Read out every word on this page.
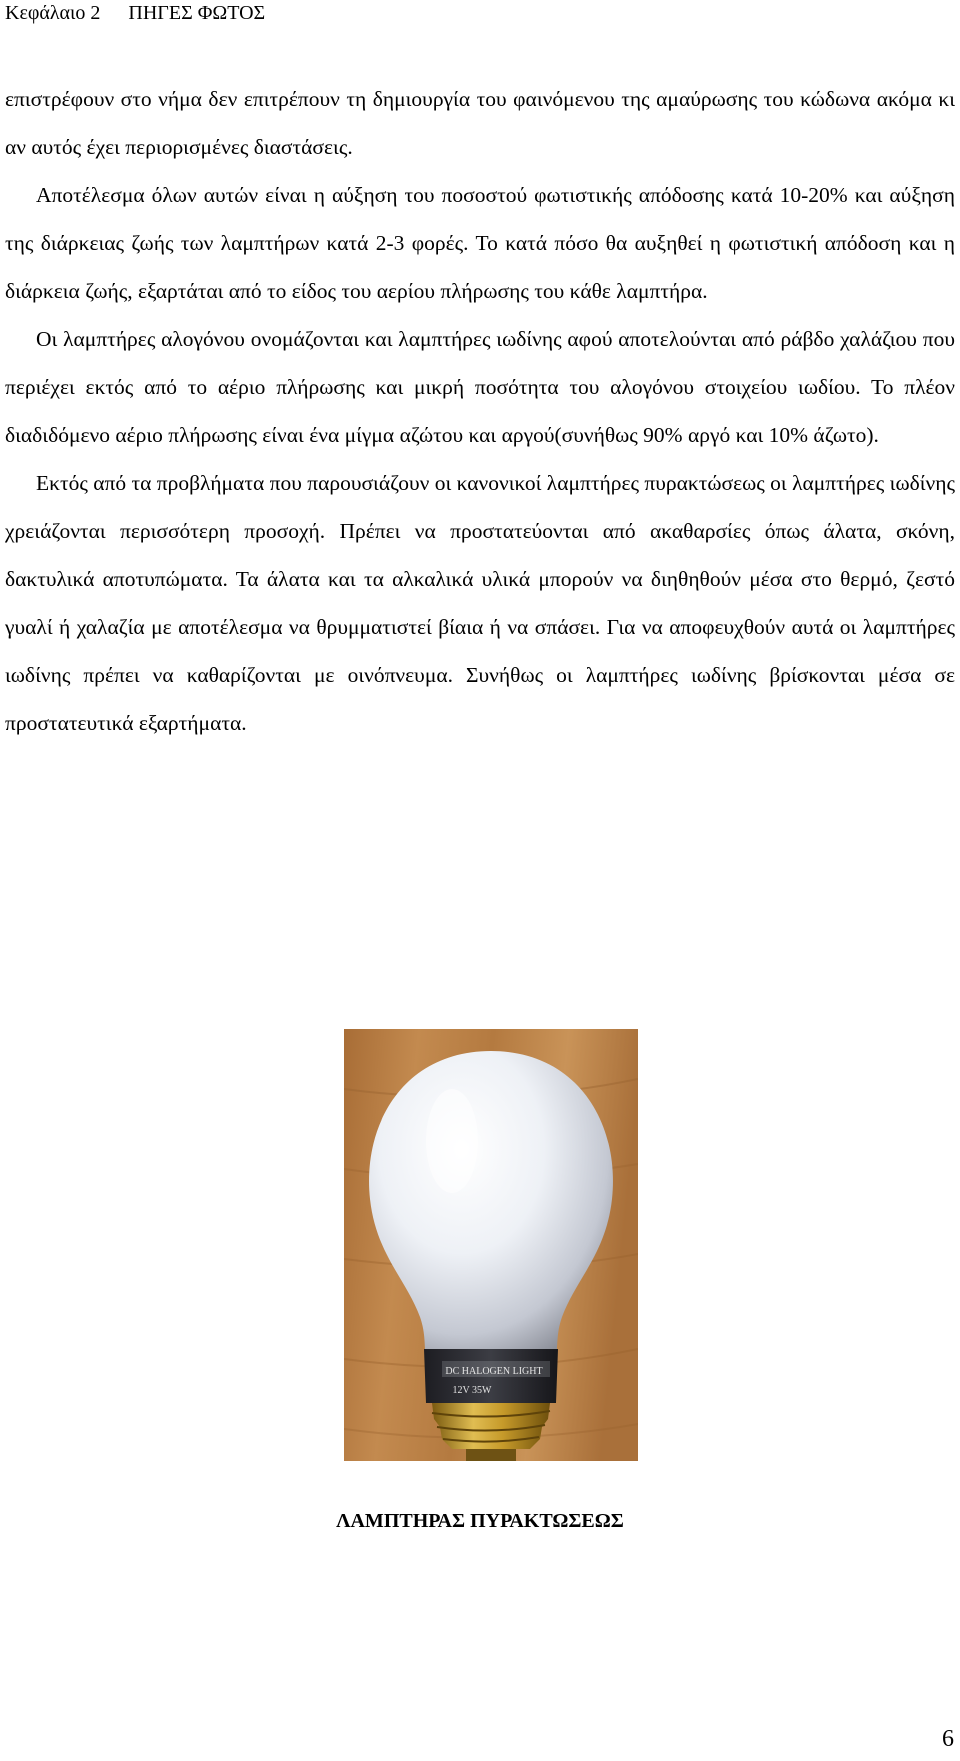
Κεφάλαιο 2 ΠΗΓΕΣ ΦΩΤΟΣ

επιστρέφουν στο νήμα δεν επιτρέπουν τη δημιουργία του φαινόμενου της αμαύρωσης του κώδωνα ακόμα κι αν αυτός έχει περιορισμένες διαστάσεις.

Αποτέλεσμα όλων αυτών είναι η αύξηση του ποσοστού φωτιστικής απόδοσης κατά 10-20% και αύξηση της διάρκειας ζωής των λαμπτήρων κατά 2-3 φορές. Το κατά πόσο θα αυξηθεί η φωτιστική απόδοση και η διάρκεια ζωής, εξαρτάται από το είδος του αερίου πλήρωσης του κάθε λαμπτήρα.

Οι λαμπτήρες αλογόνου ονομάζονται και λαμπτήρες ιωδίνης αφού αποτελούνται από ράβδο χαλάζιου που περιέχει εκτός από το αέριο πλήρωσης και μικρή ποσότητα του αλογόνου στοιχείου ιωδίου. Το πλέον διαδιδόμενο αέριο πλήρωσης είναι ένα μίγμα αζώτου και αργού(συνήθως 90% αργό και 10% άζωτο).

Εκτός από τα προβλήματα που παρουσιάζουν οι κανονικοί λαμπτήρες πυρακτώσεως οι λαμπτήρες ιωδίνης χρειάζονται περισσότερη προσοχή. Πρέπει να προστατεύονται από ακαθαρσίες όπως άλατα, σκόνη, δακτυλικά αποτυπώματα. Τα άλατα και τα αλκαλικά υλικά μπορούν να διηθηθούν μέσα στο θερμό, ζεστό γυαλί ή χαλαζία με αποτέλεσμα να θρυμματιστεί βίαια ή να σπάσει. Για να αποφευχθούν αυτά οι λαμπτήρες ιωδίνης πρέπει να καθαρίζονται με οινόπνευμα. Συνήθως οι λαμπτήρες ιωδίνης βρίσκονται μέσα σε προστατευτικά εξαρτήματα.

DC HALOGEN LIGHT
12V 35W
ΛΑΜΠΤΗΡΑΣ ΠΥΡΑΚΤΩΣΕΩΣ
6
